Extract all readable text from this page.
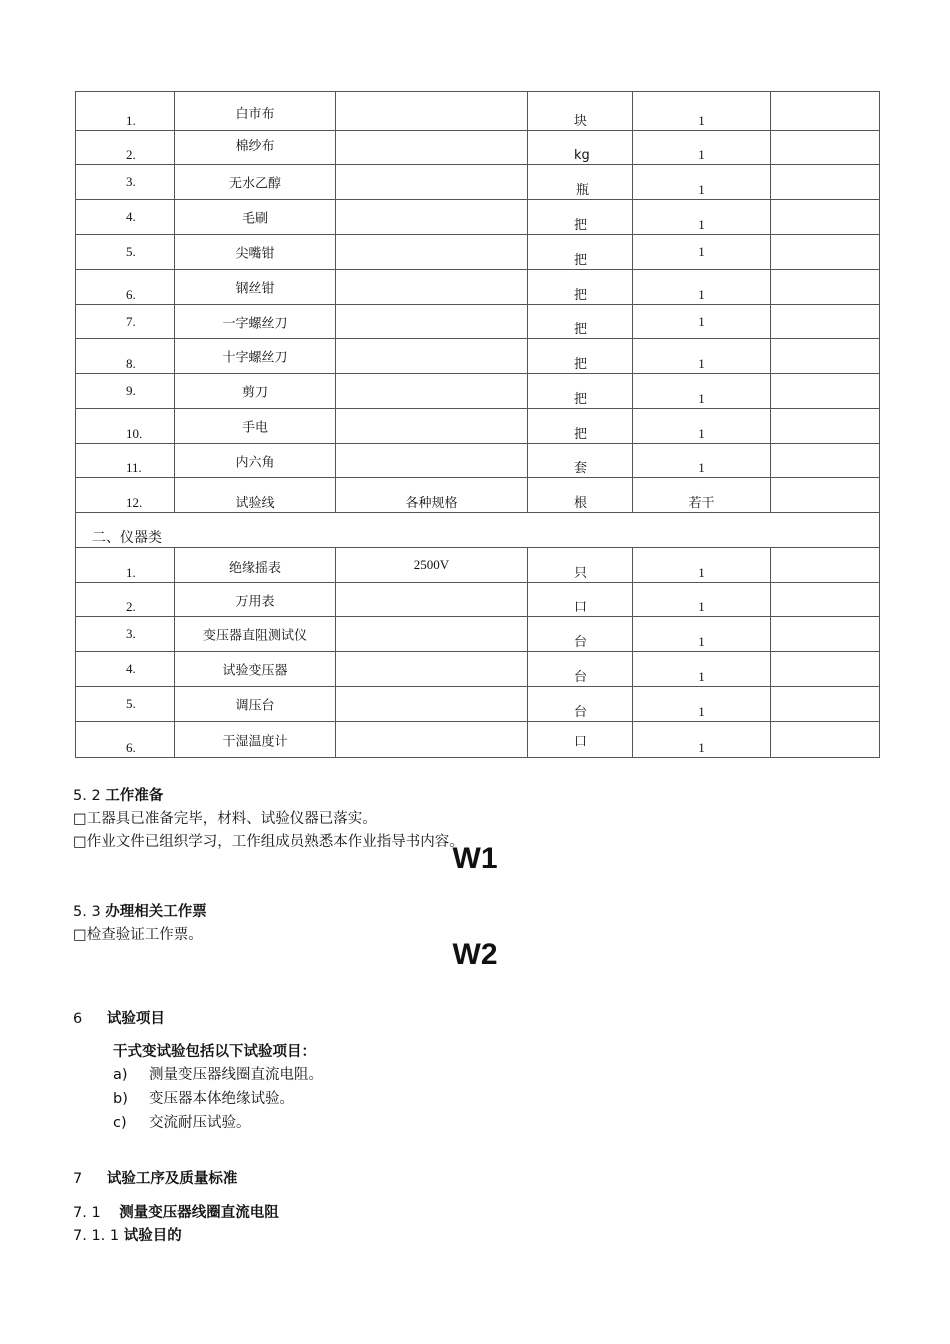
1.	白市布		块	1	

2.	棉纱布		kg	1	

3.	无水乙醇		瓶	1	

4.	毛刷		把	1	

5.	尖嘴钳		把	1	

6.	钢丝钳		把	1	

7.	一字螺丝刀		把	1	

8.	十字螺丝刀		把	1	

9.	剪刀		把	1	

10.	手电		把	1	

11.	内六角		套	1	

12.	试验线	各种规格	根	若干	

二、仪器类					

1.	绝缘摇表	2500V	只	1	

2.	万用表		口	1	

3.	变压器直阻测试仪		台	1	

4.	试验变压器		台	1	

5.	调压台		台	1	

6.	干湿温度计		口	1	

5. 2 工作准备
□工器具已准备完毕，材料、试验仪器已落实。
□作业文件已组织学习，工作组成员熟悉本作业指导书内容。
W1
5. 3 办理相关工作票
□检查验证工作票。
W2
6 试验项目
干式变试验包括以下试验项目：
a) 测量变压器线圈直流电阻。
b) 变压器本体绝缘试验。
c) 交流耐压试验。
7 试验工序及质量标准
7. 1 测量变压器线圈直流电阻
7. 1. 1 试验目的
